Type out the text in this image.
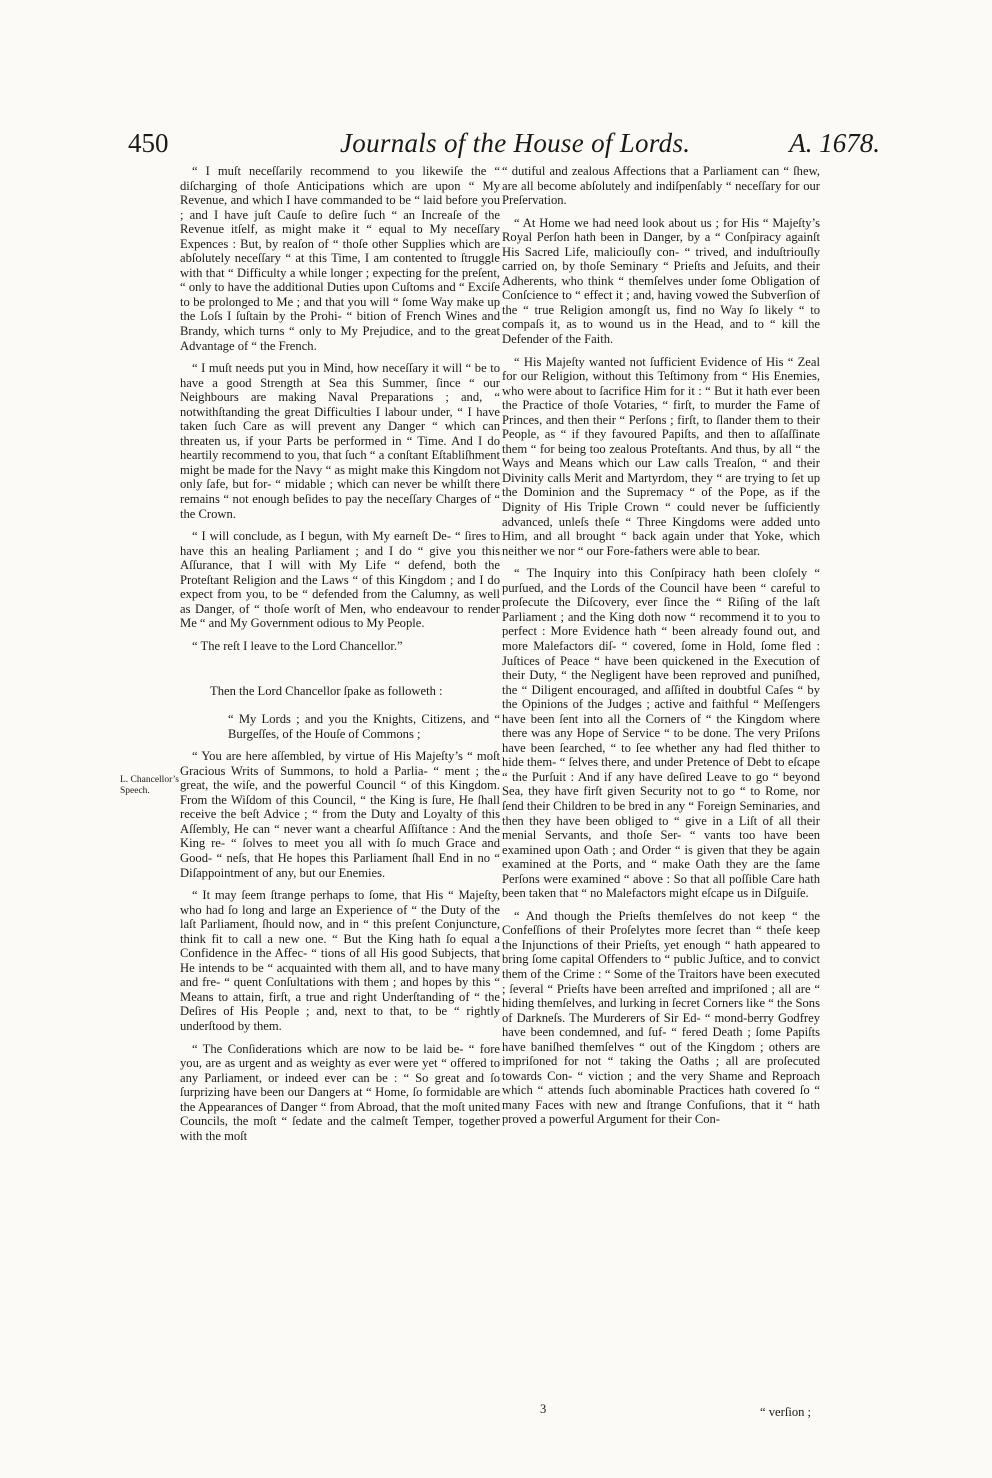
450	Journals of the House of Lords.	A. 1678.

“ I muſt neceſſarily recommend to you likewiſe the “ diſcharging of thoſe Anticipations which are upon “ My Revenue, and which I have commanded to be “ laid before you ; and I have juſt Cauſe to deſire ſuch “ an Increaſe of the Revenue itſelf, as might make it “ equal to My neceſſary Expences : But, by reaſon of “ thoſe other Supplies which are abſolutely neceſſary “ at this Time, I am contented to ſtruggle with that “ Difficulty a while longer ; expecting for the preſent, “ only to have the additional Duties upon Cuſtoms and “ Exciſe to be prolonged to Me ; and that you will “ ſome Way make up the Loſs I ſuſtain by the Prohi- “ bition of French Wines and Brandy, which turns “ only to My Prejudice, and to the great Advantage of “ the French.

“ I muſt needs put you in Mind, how neceſſary it will “ be to have a good Strength at Sea this Summer, ſince “ our Neighbours are making Naval Preparations ; and, “ notwithſtanding the great Difficulties I labour under, “ I have taken ſuch Care as will prevent any Danger “ which can threaten us, if your Parts be performed in “ Time. And I do heartily recommend to you, that ſuch “ a conſtant Eſtabliſhment might be made for the Navy “ as might make this Kingdom not only ſafe, but for- “ midable ; which can never be whilſt there remains “ not enough beſides to pay the neceſſary Charges of “ the Crown.

“ I will conclude, as I begun, with My earneſt De- “ ſires to have this an healing Parliament ; and I do “ give you this Aſſurance, that I will with My Life “ defend, both the Proteſtant Religion and the Laws “ of this Kingdom ; and I do expect from you, to be “ defended from the Calumny, as well as Danger, of “ thoſe worſt of Men, who endeavour to render Me “ and My Government odious to My People.

“ The reſt I leave to the Lord Chancellor.”

Then the Lord Chancellor ſpake as followeth :

“ My Lords ; and you the Knights, Citizens, and “ Burgeſſes, of the Houſe of Commons ;

“ You are here aſſembled, by virtue of His Majeſty’s “ moſt Gracious Writs of Summons, to hold a Parlia- “ ment ; the great, the wiſe, and the powerful Council “ of this Kingdom. From the Wiſdom of this Council, “ the King is ſure, He ſhall receive the beſt Advice ; “ from the Duty and Loyalty of this Aſſembly, He can “ never want a chearful Aſſiſtance : And the King re- “ ſolves to meet you all with ſo much Grace and Good- “ neſs, that He hopes this Parliament ſhall End in no “ Diſappointment of any, but our Enemies.

“ It may ſeem ſtrange perhaps to ſome, that His “ Majeſty, who had ſo long and large an Experience of “ the Duty of the laſt Parliament, ſhould now, and in “ this preſent Conjuncture, think fit to call a new one. “ But the King hath ſo equal a Confidence in the Affec- “ tions of all His good Subjects, that He intends to be “ acquainted with them all, and to have many and fre- “ quent Conſultations with them ; and hopes by this “ Means to attain, firſt, a true and right Underſtanding of “ the Deſires of His People ; and, next to that, to be “ rightly underſtood by them.

“ The Conſiderations which are now to be laid be- “ fore you, are as urgent and as weighty as ever were yet “ offered to any Parliament, or indeed ever can be : “ So great and ſo ſurprizing have been our Dangers at “ Home, ſo formidable are the Appearances of Danger “ from Abroad, that the moſt united Councils, the moſt “ ſedate and the calmeſt Temper, together with the moſt

L. Chancellor’s Speech.

“ dutiful and zealous Affections that a Parliament can “ ſhew, are all become abſolutely and indiſpenſably “ neceſſary for our Preſervation.

“ At Home we had need look about us ; for His “ Majeſty’s Royal Perſon hath been in Danger, by a “ Conſpiracy againſt His Sacred Life, maliciouſly con- “ trived, and induſtriouſly carried on, by thoſe Seminary “ Prieſts and Jeſuits, and their Adherents, who think “ themſelves under ſome Obligation of Conſcience to “ effect it ; and, having vowed the Subverſion of the “ true Religion amongſt us, find no Way ſo likely “ to compaſs it, as to wound us in the Head, and to “ kill the Defender of the Faith.

“ His Majeſty wanted not ſufficient Evidence of His “ Zeal for our Religion, without this Teſtimony from “ His Enemies, who were about to ſacrifice Him for it : “ But it hath ever been the Practice of thoſe Votaries, “ firſt, to murder the Fame of Princes, and then their “ Perſons ; firſt, to ſlander them to their People, as “ if they favoured Papiſts, and then to aſſaſſinate them “ for being too zealous Proteſtants. And thus, by all “ the Ways and Means which our Law calls Treaſon, “ and their Divinity calls Merit and Martyrdom, they “ are trying to ſet up the Dominion and the Supremacy “ of the Pope, as if the Dignity of His Triple Crown “ could never be ſufficiently advanced, unleſs theſe “ Three Kingdoms were added unto Him, and all brought “ back again under that Yoke, which neither we nor “ our Fore-fathers were able to bear.

“ The Inquiry into this Conſpiracy hath been cloſely “ purſued, and the Lords of the Council have been “ careful to proſecute the Diſcovery, ever ſince the “ Riſing of the laſt Parliament ; and the King doth now “ recommend it to you to perfect : More Evidence hath “ been already found out, and more Malefactors diſ- “ covered, ſome in Hold, ſome fled : Juſtices of Peace “ have been quickened in the Execution of their Duty, “ the Negligent have been reproved and puniſhed, the “ Diligent encouraged, and aſſiſted in doubtful Caſes “ by the Opinions of the Judges ; active and faithful “ Meſſengers have been ſent into all the Corners of “ the Kingdom where there was any Hope of Service “ to be done. The very Priſons have been ſearched, “ to ſee whether any had fled thither to hide them- “ ſelves there, and under Pretence of Debt to eſcape “ the Purſuit : And if any have deſired Leave to go “ beyond Sea, they have firſt given Security not to go “ to Rome, nor ſend their Children to be bred in any “ Foreign Seminaries, and then they have been obliged to “ give in a Liſt of all their menial Servants, and thoſe Ser- “ vants too have been examined upon Oath ; and Order “ is given that they be again examined at the Ports, and “ make Oath they are the ſame Perſons were examined “ above : So that all poſſible Care hath been taken that “ no Malefactors might eſcape us in Diſguiſe.

“ And though the Prieſts themſelves do not keep “ the Confeſſions of their Proſelytes more ſecret than “ theſe keep the Injunctions of their Prieſts, yet enough “ hath appeared to bring ſome capital Offenders to “ public Juſtice, and to convict them of the Crime : “ Some of the Traitors have been executed ; ſeveral “ Prieſts have been arreſted and impriſoned ; all are “ hiding themſelves, and lurking in ſecret Corners like “ the Sons of Darkneſs. The Murderers of Sir Ed- “ mond-berry Godfrey have been condemned, and ſuf- “ fered Death ; ſome Papiſts have baniſhed themſelves “ out of the Kingdom ; others are impriſoned for not “ taking the Oaths ; all are proſecuted towards Con- “ viction ; and the very Shame and Reproach which “ attends ſuch abominable Practices hath covered ſo “ many Faces with new and ſtrange Confuſions, that it “ hath proved a powerful Argument for their Con-

3	“ verſion ;
